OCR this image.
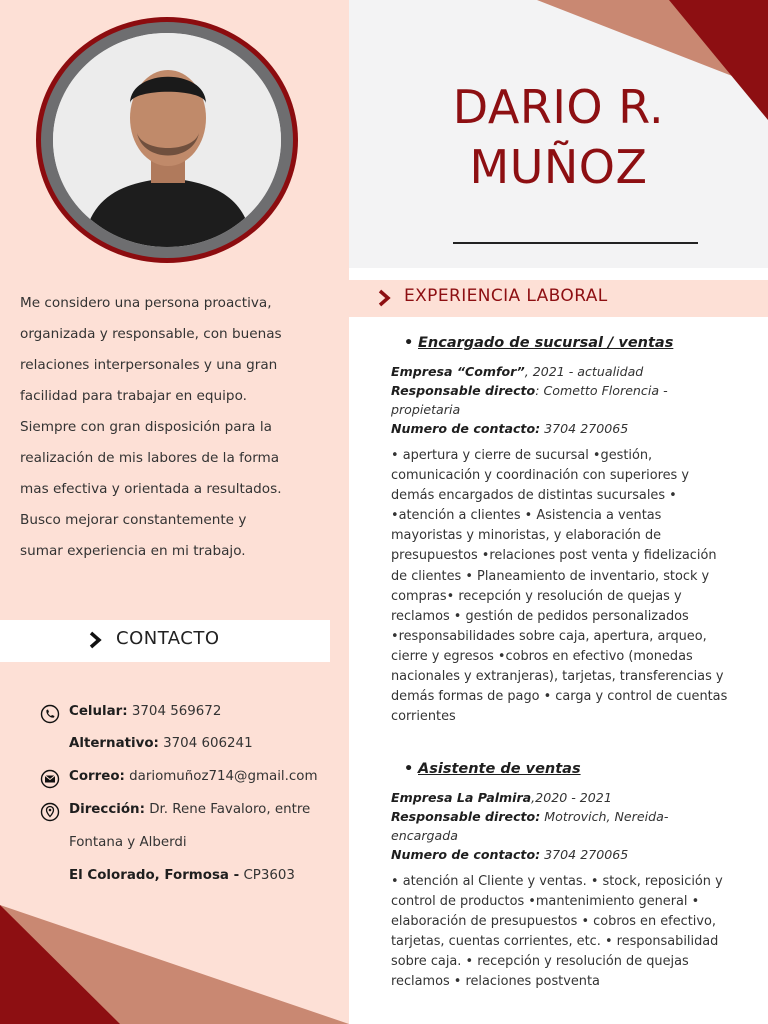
Me considero una persona proactiva,
organizada y responsable, con buenas
relaciones interpersonales y una gran
facilidad para trabajar en equipo.
Siempre con gran disposición para la
realización de mis labores de la forma
mas efectiva y orientada a resultados.
Busco mejorar constantemente y
sumar experiencia en mi trabajo.
CONTACTO
Celular: 3704 569672
Alternativo: 3704 606241
Correo: dariomuñoz714@gmail.com
Dirección: Dr. Rene Favaloro, entre
Fontana y Alberdi
El Colorado, Formosa - CP3603
DARIO R.
MUÑOZ
EXPERIENCIA LABORAL
• Encargado de sucursal / ventas
Empresa “Comfor”, 2021 - actualidad
Responsable directo: Cometto Florencia - propietaria
Numero de contacto: 3704 270065
• apertura y cierre de sucursal •gestión, comunicación y coordinación con superiores y demás encargados de distintas sucursales • •atención a clientes • Asistencia a ventas mayoristas y minoristas, y elaboración de presupuestos •relaciones post venta y fidelización de clientes • Planeamiento de inventario, stock y compras• recepción y resolución de quejas y reclamos • gestión de pedidos personalizados •responsabilidades sobre caja, apertura, arqueo, cierre y egresos •cobros en efectivo (monedas nacionales y extranjeras), tarjetas, transferencias y demás formas de pago • carga y control de cuentas corrientes
• Asistente de ventas
Empresa La Palmira,2020 - 2021
Responsable directo: Motrovich, Nereida- encargada
Numero de contacto: 3704 270065
• atención al Cliente y ventas. • stock, reposición y control de productos •mantenimiento general • elaboración de presupuestos • cobros en efectivo, tarjetas, cuentas corrientes, etc. • responsabilidad sobre caja. • recepción y resolución de quejas reclamos • relaciones postventa
